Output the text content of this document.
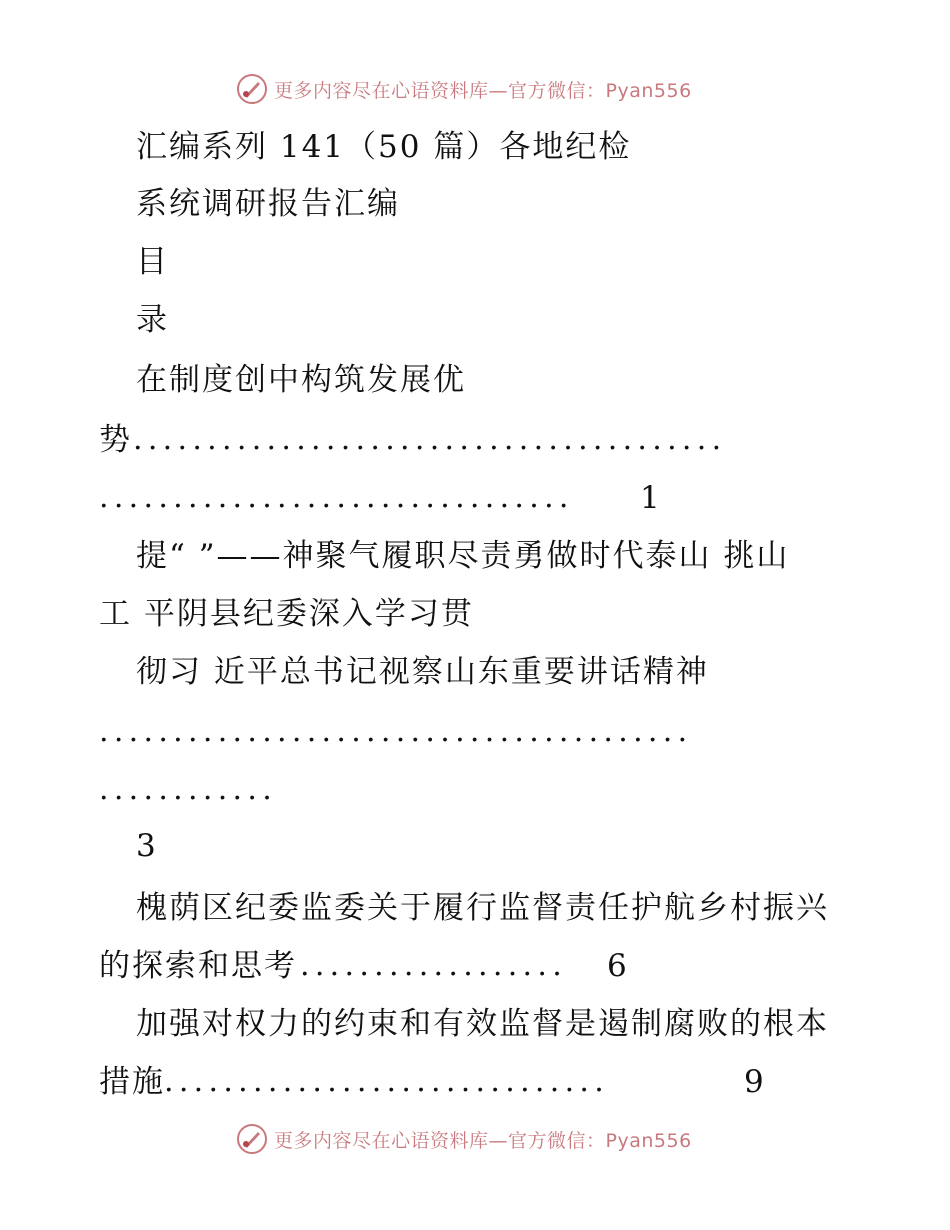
更多内容尽在心语资料库—官方微信：Pyan556
汇编系列 141（50 篇）各地纪检
系统调研报告汇编
目
录
在制度创中构筑发展优
势 ........................................
................................ 1
提“ ”——神聚气履职尽责勇做时代泰山 挑山
工 平阴县纪委深入学习贯
彻习 近平总书记视察山东重要讲话精神
........................................
............
3
槐荫区纪委监委关于履行监督责任护航乡村振兴
的探索和思考 .................. 6
加强对权力的约束和有效监督是遏制腐败的根本
措施 ..............................	9
更多内容尽在心语资料库—官方微信：Pyan556
